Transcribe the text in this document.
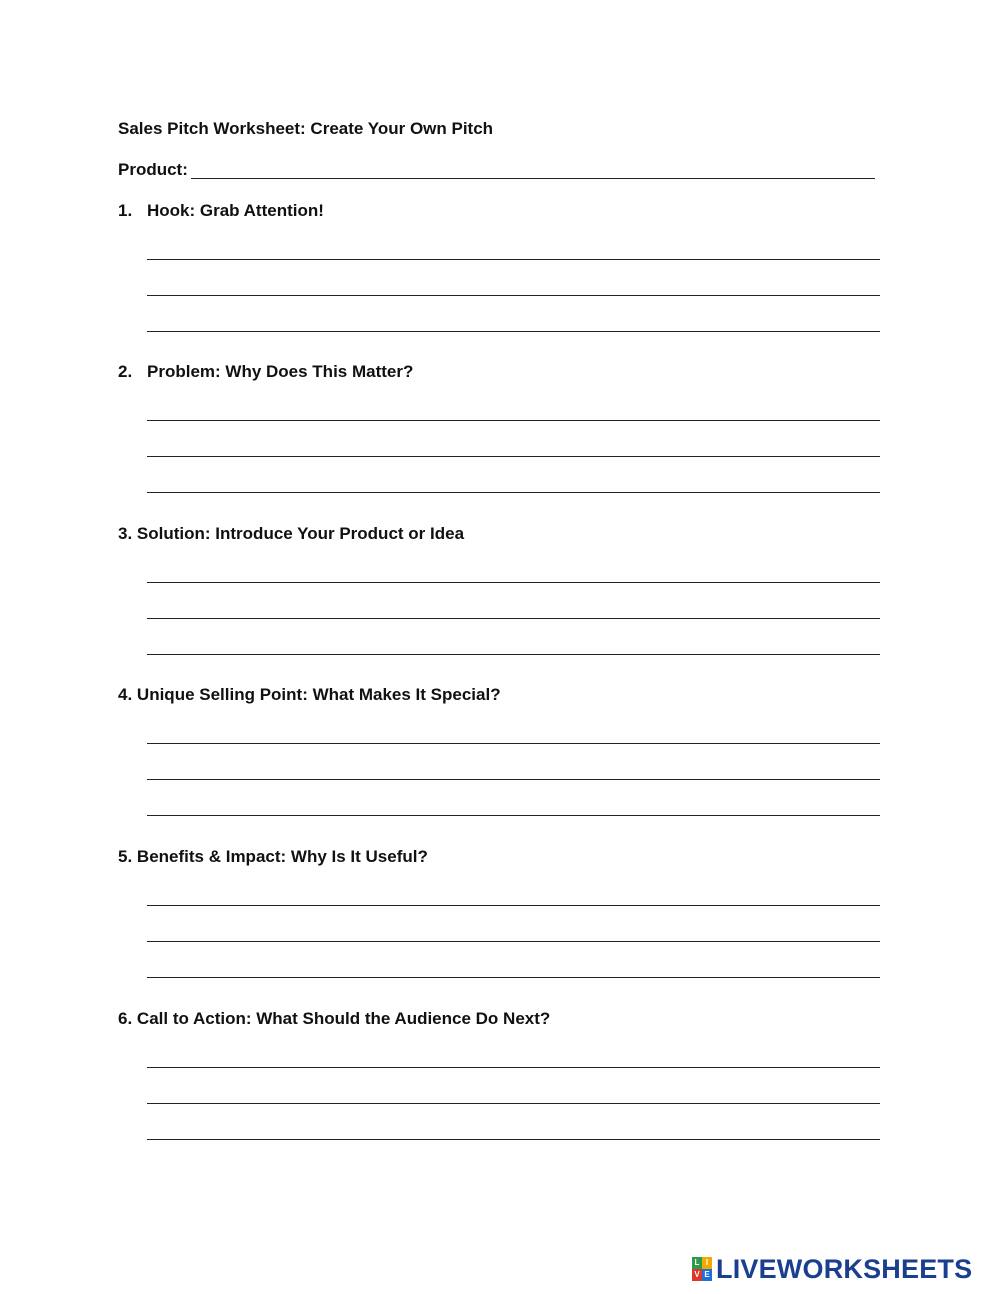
Sales Pitch Worksheet: Create Your Own Pitch
Product:
1. Hook: Grab Attention!
2. Problem: Why Does This Matter?
3. Solution: Introduce Your Product or Idea
4. Unique Selling Point: What Makes It Special?
5. Benefits & Impact: Why Is It Useful?
6. Call to Action: What Should the Audience Do Next?
L I
V E LIVEWORKSHEETS
